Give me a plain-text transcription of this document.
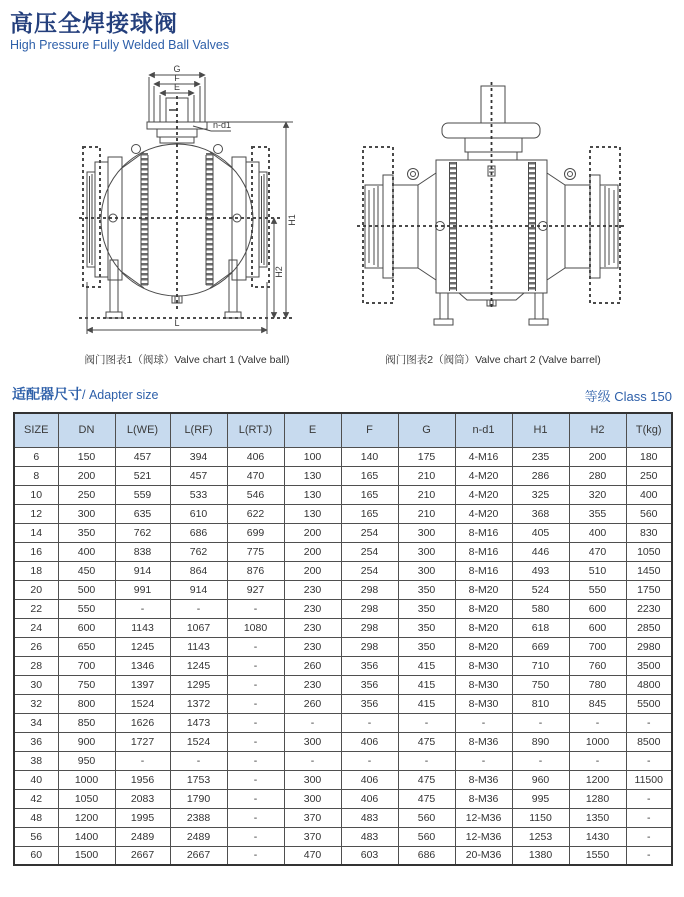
高压全焊接球阀
High Pressure Fully Welded Ball Valves
G
F
E
n-d1
H2
H1
L
阀门图表1（阀球）Valve chart 1 (Valve ball)	阀门图表2（阀筒）Valve chart 2 (Valve barrel)
适配器尺寸/ Adapter size	等级 Class 150
SIZE	DN	L(WE)	L(RF)	L(RTJ)	E	F	G	n-d1	H1	H2	T(kg)
6	150	457	394	406	100	140	175	4-M16	235	200	180
8	200	521	457	470	130	165	210	4-M20	286	280	250
10	250	559	533	546	130	165	210	4-M20	325	320	400
12	300	635	610	622	130	165	210	4-M20	368	355	560
14	350	762	686	699	200	254	300	8-M16	405	400	830
16	400	838	762	775	200	254	300	8-M16	446	470	1050
18	450	914	864	876	200	254	300	8-M16	493	510	1450
20	500	991	914	927	230	298	350	8-M20	524	550	1750
22	550	-	-	-	230	298	350	8-M20	580	600	2230
24	600	1143	1067	1080	230	298	350	8-M20	618	600	2850
26	650	1245	1143	-	230	298	350	8-M20	669	700	2980
28	700	1346	1245	-	260	356	415	8-M30	710	760	3500
30	750	1397	1295	-	230	356	415	8-M30	750	780	4800
32	800	1524	1372	-	260	356	415	8-M30	810	845	5500
34	850	1626	1473	-	-	-	-	-	-	-	-
36	900	1727	1524	-	300	406	475	8-M36	890	1000	8500
38	950	-	-	-	-	-	-	-	-	-	-
40	1000	1956	1753	-	300	406	475	8-M36	960	1200	11500
42	1050	2083	1790	-	300	406	475	8-M36	995	1280	-
48	1200	1995	2388	-	370	483	560	12-M36	1150	1350	-
56	1400	2489	2489	-	370	483	560	12-M36	1253	1430	-
60	1500	2667	2667	-	470	603	686	20-M36	1380	1550	-
